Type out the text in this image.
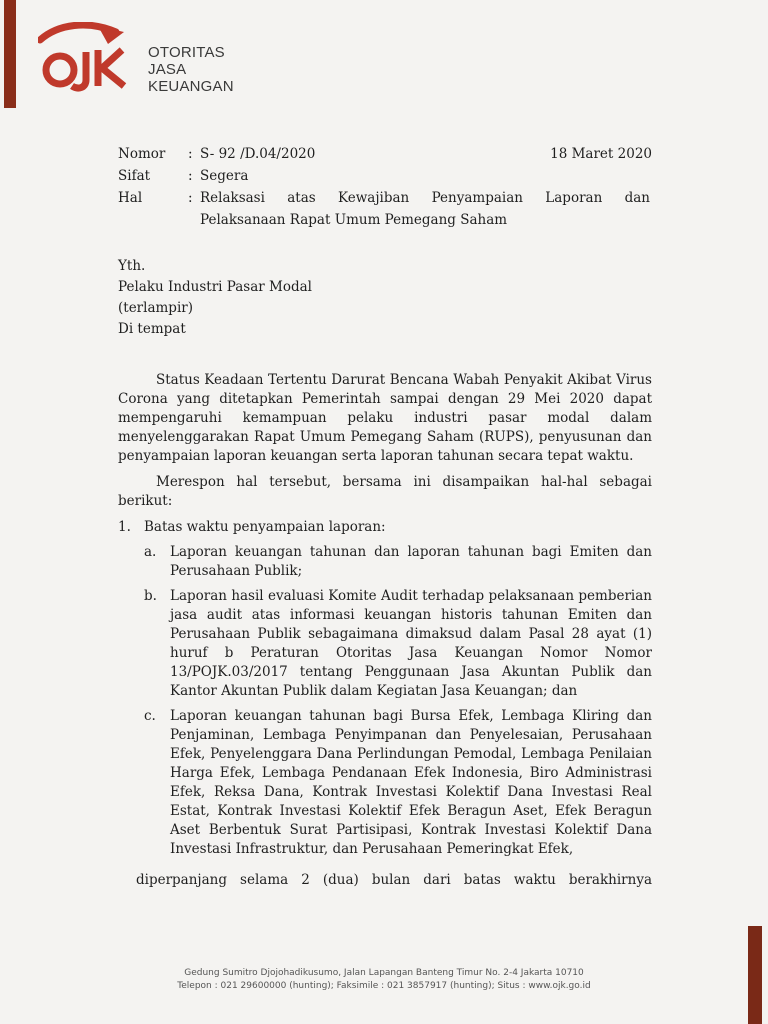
OTORITAS
JASA
KEUANGAN
Nomor : S- 92 /D.04/2020	18 Maret 2020
Sifat	: Segera
Hal	: Relaksasi atas Kewajiban Penyampaian Laporan dan
Pelaksanaan Rapat Umum Pemegang Saham
Yth.
Pelaku Industri Pasar Modal
(terlampir)
Di tempat

Status Keadaan Tertentu Darurat Bencana Wabah Penyakit Akibat Virus Corona yang ditetapkan Pemerintah sampai dengan 29 Mei 2020 dapat mempengaruhi kemampuan pelaku industri pasar modal dalam menyelenggarakan Rapat Umum Pemegang Saham (RUPS), penyusunan dan penyampaian laporan keuangan serta laporan tahunan secara tepat waktu.

Merespon hal tersebut, bersama ini disampaikan hal-hal sebagai berikut:

1. Batas waktu penyampaian laporan:
a. Laporan keuangan tahunan dan laporan tahunan bagi Emiten dan Perusahaan Publik;
b. Laporan hasil evaluasi Komite Audit terhadap pelaksanaan pemberian jasa audit atas informasi keuangan historis tahunan Emiten dan Perusahaan Publik sebagaimana dimaksud dalam Pasal 28 ayat (1) huruf b Peraturan Otoritas Jasa Keuangan Nomor Nomor 13/POJK.03/2017 tentang Penggunaan Jasa Akuntan Publik dan Kantor Akuntan Publik dalam Kegiatan Jasa Keuangan; dan
c. Laporan keuangan tahunan bagi Bursa Efek, Lembaga Kliring dan Penjaminan, Lembaga Penyimpanan dan Penyelesaian, Perusahaan Efek, Penyelenggara Dana Perlindungan Pemodal, Lembaga Penilaian Harga Efek, Lembaga Pendanaan Efek Indonesia, Biro Administrasi Efek, Reksa Dana, Kontrak Investasi Kolektif Dana Investasi Real Estat, Kontrak Investasi Kolektif Efek Beragun Aset, Efek Beragun Aset Berbentuk Surat Partisipasi, Kontrak Investasi Kolektif Dana Investasi Infrastruktur, dan Perusahaan Pemeringkat Efek,
diperpanjang selama 2 (dua) bulan dari batas waktu berakhirnya
Gedung Sumitro Djojohadikusumo, Jalan Lapangan Banteng Timur No. 2-4 Jakarta 10710
Telepon : 021 29600000 (hunting); Faksimile : 021 3857917 (hunting); Situs : www.ojk.go.id
